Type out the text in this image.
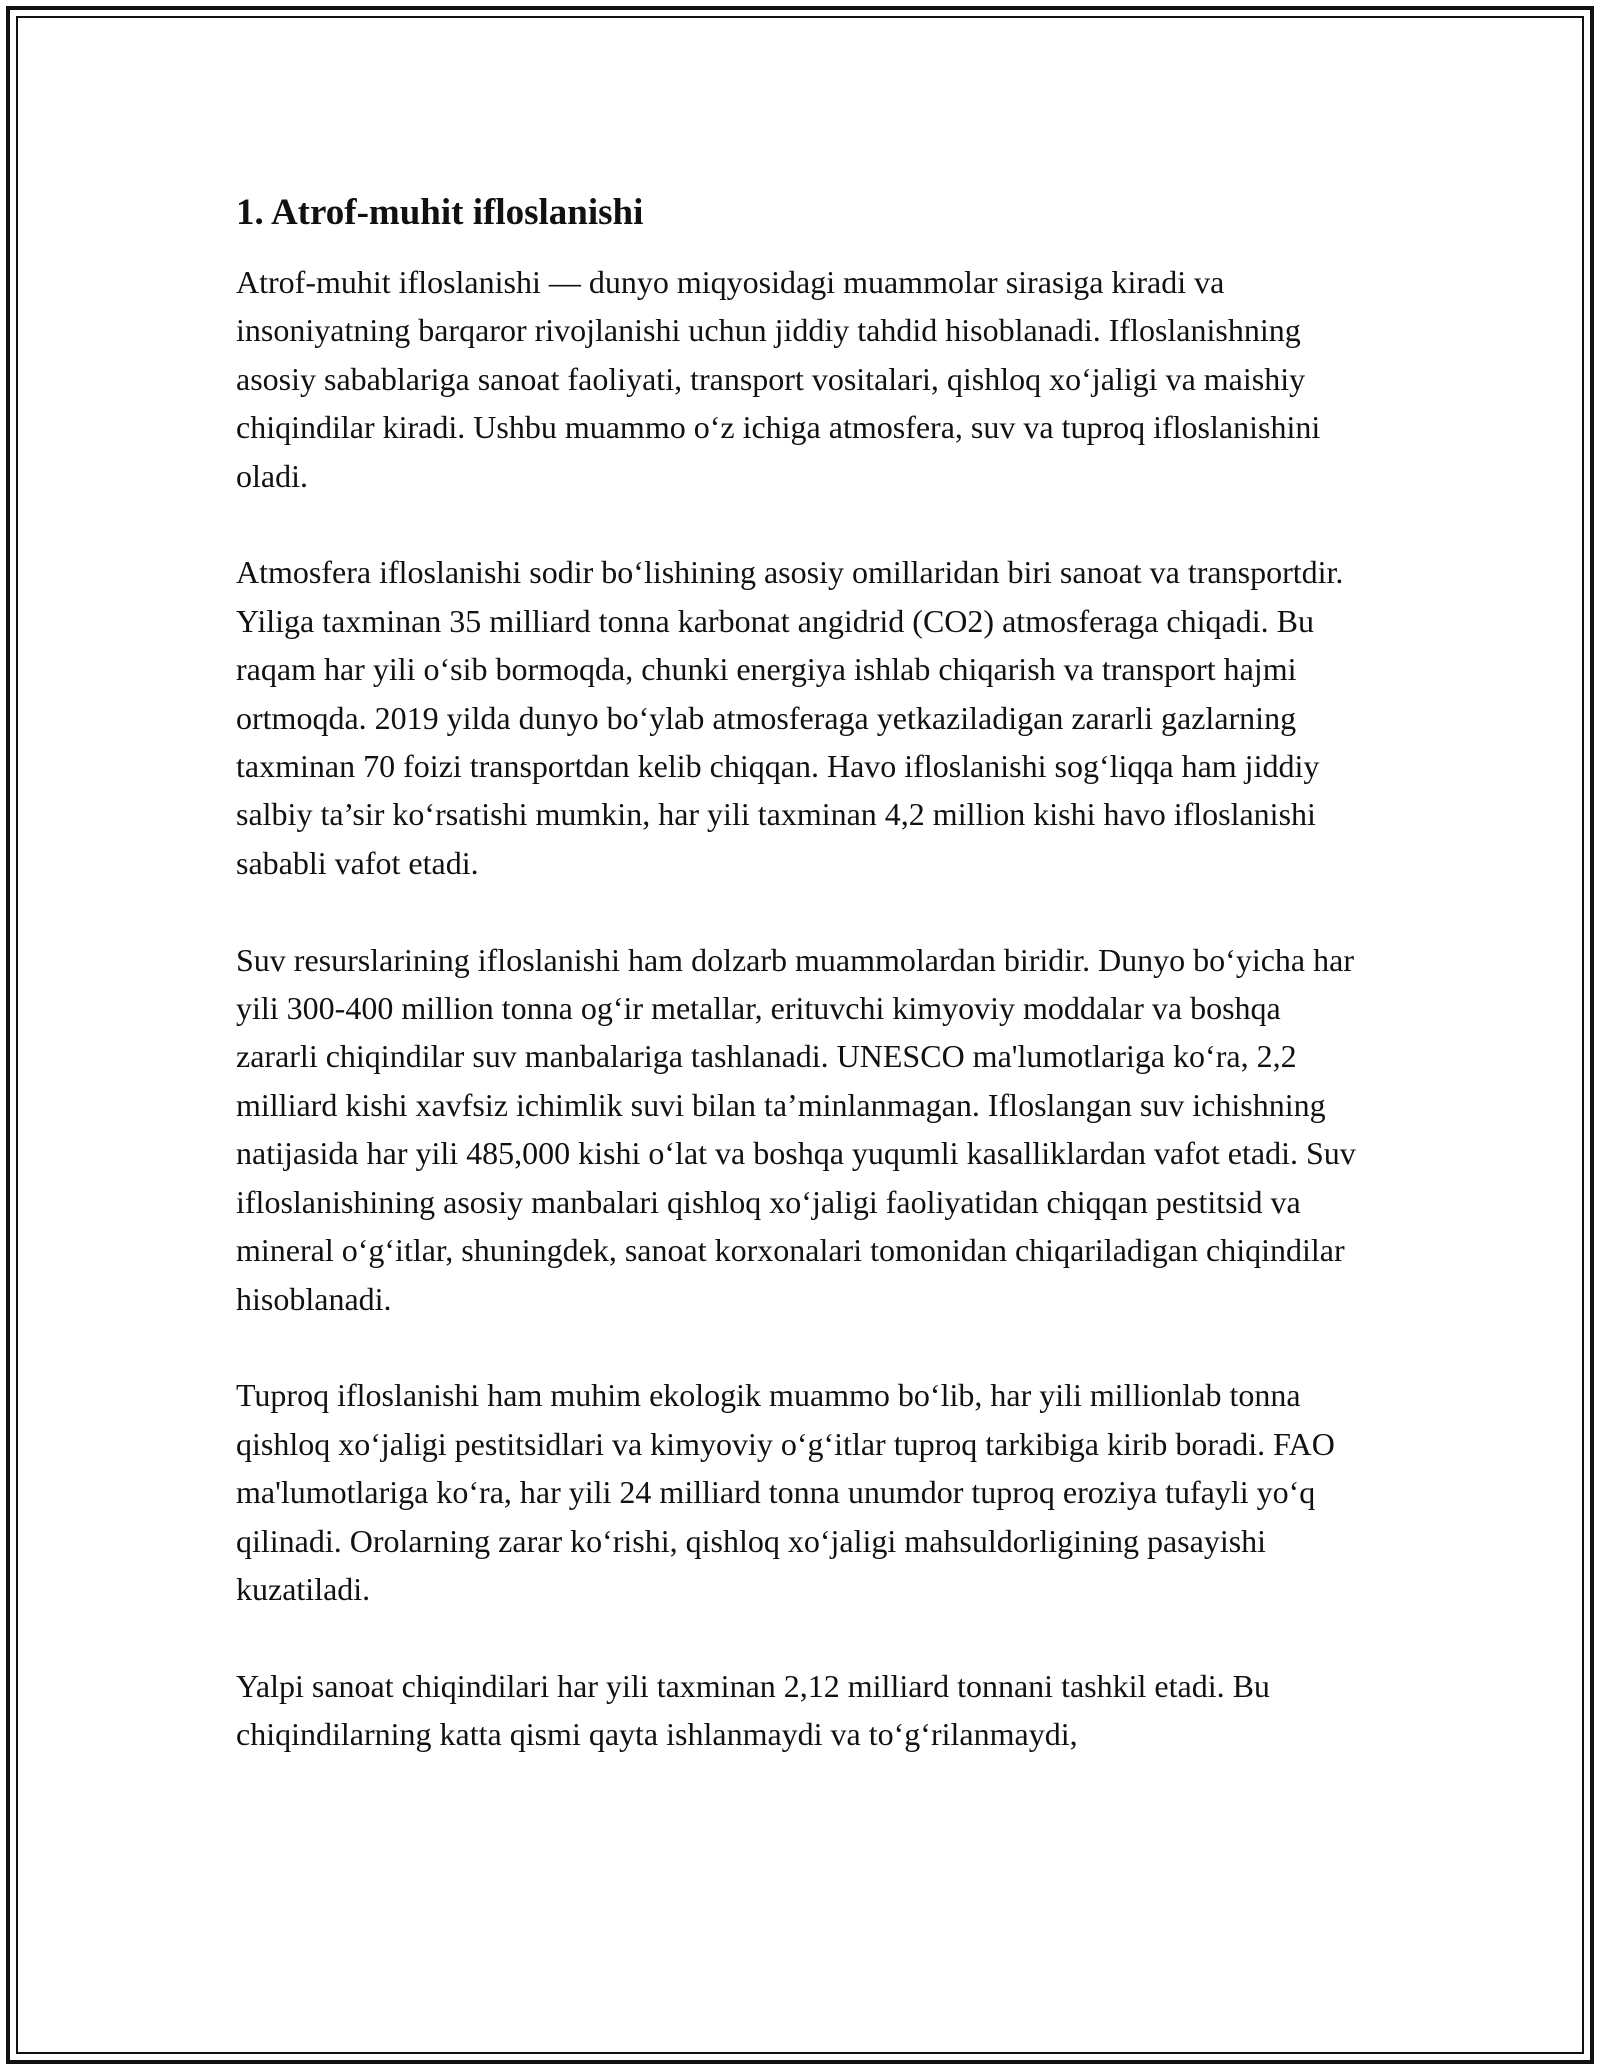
1. Atrof-muhit ifloslanishi

Atrof-muhit ifloslanishi — dunyo miqyosidagi muammolar sirasiga kiradi va insoniyatning barqaror rivojlanishi uchun jiddiy tahdid hisoblanadi. Ifloslanishning asosiy sabablariga sanoat faoliyati, transport vositalari, qishloq xoʻjaligi va maishiy chiqindilar kiradi. Ushbu muammo oʻz ichiga atmosfera, suv va tuproq ifloslanishini oladi.

Atmosfera ifloslanishi sodir boʻlishining asosiy omillaridan biri sanoat va transportdir. Yiliga taxminan 35 milliard tonna karbonat angidrid (CO2) atmosferaga chiqadi. Bu raqam har yili oʻsib bormoqda, chunki energiya ishlab chiqarish va transport hajmi ortmoqda. 2019 yilda dunyo boʻylab atmosferaga yetkaziladigan zararli gazlarning taxminan 70 foizi transportdan kelib chiqqan. Havo ifloslanishi sogʻliqqa ham jiddiy salbiy ta’sir koʻrsatishi mumkin, har yili taxminan 4,2 million kishi havo ifloslanishi sababli vafot etadi.

Suv resurslarining ifloslanishi ham dolzarb muammolardan biridir. Dunyo boʻyicha har yili 300-400 million tonna ogʻir metallar, erituvchi kimyoviy moddalar va boshqa zararli chiqindilar suv manbalariga tashlanadi. UNESCO ma'lumotlariga koʻra, 2,2 milliard kishi xavfsiz ichimlik suvi bilan ta’minlanmagan. Ifloslangan suv ichishning natijasida har yili 485,000 kishi oʻlat va boshqa yuqumli kasalliklardan vafot etadi. Suv ifloslanishining asosiy manbalari qishloq xoʻjaligi faoliyatidan chiqqan pestitsid va mineral oʻgʻitlar, shuningdek, sanoat korxonalari tomonidan chiqariladigan chiqindilar hisoblanadi.

Tuproq ifloslanishi ham muhim ekologik muammo boʻlib, har yili millionlab tonna qishloq xoʻjaligi pestitsidlari va kimyoviy oʻgʻitlar tuproq tarkibiga kirib boradi. FAO ma'lumotlariga koʻra, har yili 24 milliard tonna unumdor tuproq eroziya tufayli yoʻq qilinadi. Orolarning zarar koʻrishi, qishloq xoʻjaligi mahsuldorligining pasayishi kuzatiladi.

Yalpi sanoat chiqindilari har yili taxminan 2,12 milliard tonnani tashkil etadi. Bu chiqindilarning katta qismi qayta ishlanmaydi va toʻgʻrilanmaydi,
